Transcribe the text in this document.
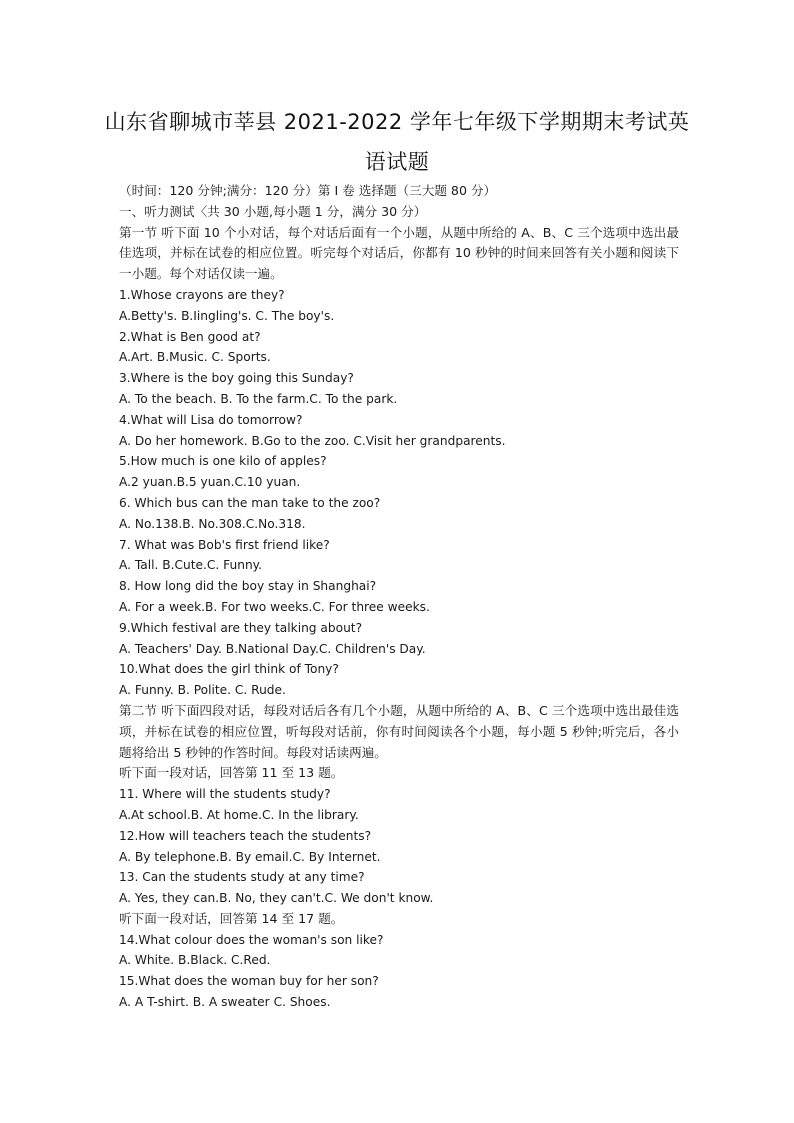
山东省聊城市莘县 2021-2022 学年七年级下学期期末考试英
语试题
（时间：120 分钟;满分：120 分）第 I 卷 选择题（三大题 80 分）
一、听力测试〈共 30 小题,每小题 1 分，满分 30 分）
第一节 听下面 10 个小对话，每个对话后面有一个小题，从题中所给的 A、B、C 三个选项中选出最佳选项，并标在试卷的相应位置。听完每个对话后，你都有 10 秒钟的时间来回答有关小题和阅读下一小题。每个对话仅读一遍。
1.Whose crayons are they?
A.Betty's. B.Iingling's. C. The boy's.
2.What is Ben good at?
A.Art. B.Music. C. Sports.
3.Where is the boy going this Sunday?
A. To the beach. B. To the farm.C. To the park.
4.What will Lisa do tomorrow?
A. Do her homework. B.Go to the zoo. C.Visit her grandparents.
5.How much is one kilo of apples?
A.2 yuan.B.5 yuan.C.10 yuan.
6. Which bus can the man take to the zoo?
A. No.138.B. No.308.C.No.318.
7. What was Bob's first friend like?
A. Tall. B.Cute.C. Funny.
8. How long did the boy stay in Shanghai?
A. For a week.B. For two weeks.C. For three weeks.
9.Which festival are they talking about?
A. Teachers' Day. B.National Day.C. Children's Day.
10.What does the girl think of Tony?
A. Funny. B. Polite. C. Rude.
第二节 听下面四段对话，每段对话后各有几个小题，从题中所给的 A、B、C 三个选项中选出最佳选项，并标在试卷的相应位置，听每段对话前，你有时间阅读各个小题，每小题 5 秒钟;听完后，各小题将给出 5 秒钟的作答时间。每段对话读两遍。
听下面一段对话，回答第 11 至 13 题。
11. Where will the students study?
A.At school.B. At home.C. In the library.
12.How will teachers teach the students?
A. By telephone.B. By email.C. By Internet.
13. Can the students study at any time?
A. Yes, they can.B. No, they can't.C. We don't know.
听下面一段对话，回答第 14 至 17 题。
14.What colour does the woman's son like?
A. White. B.Black. C.Red.
15.What does the woman buy for her son?
A. A T-shirt. B. A sweater C. Shoes.
